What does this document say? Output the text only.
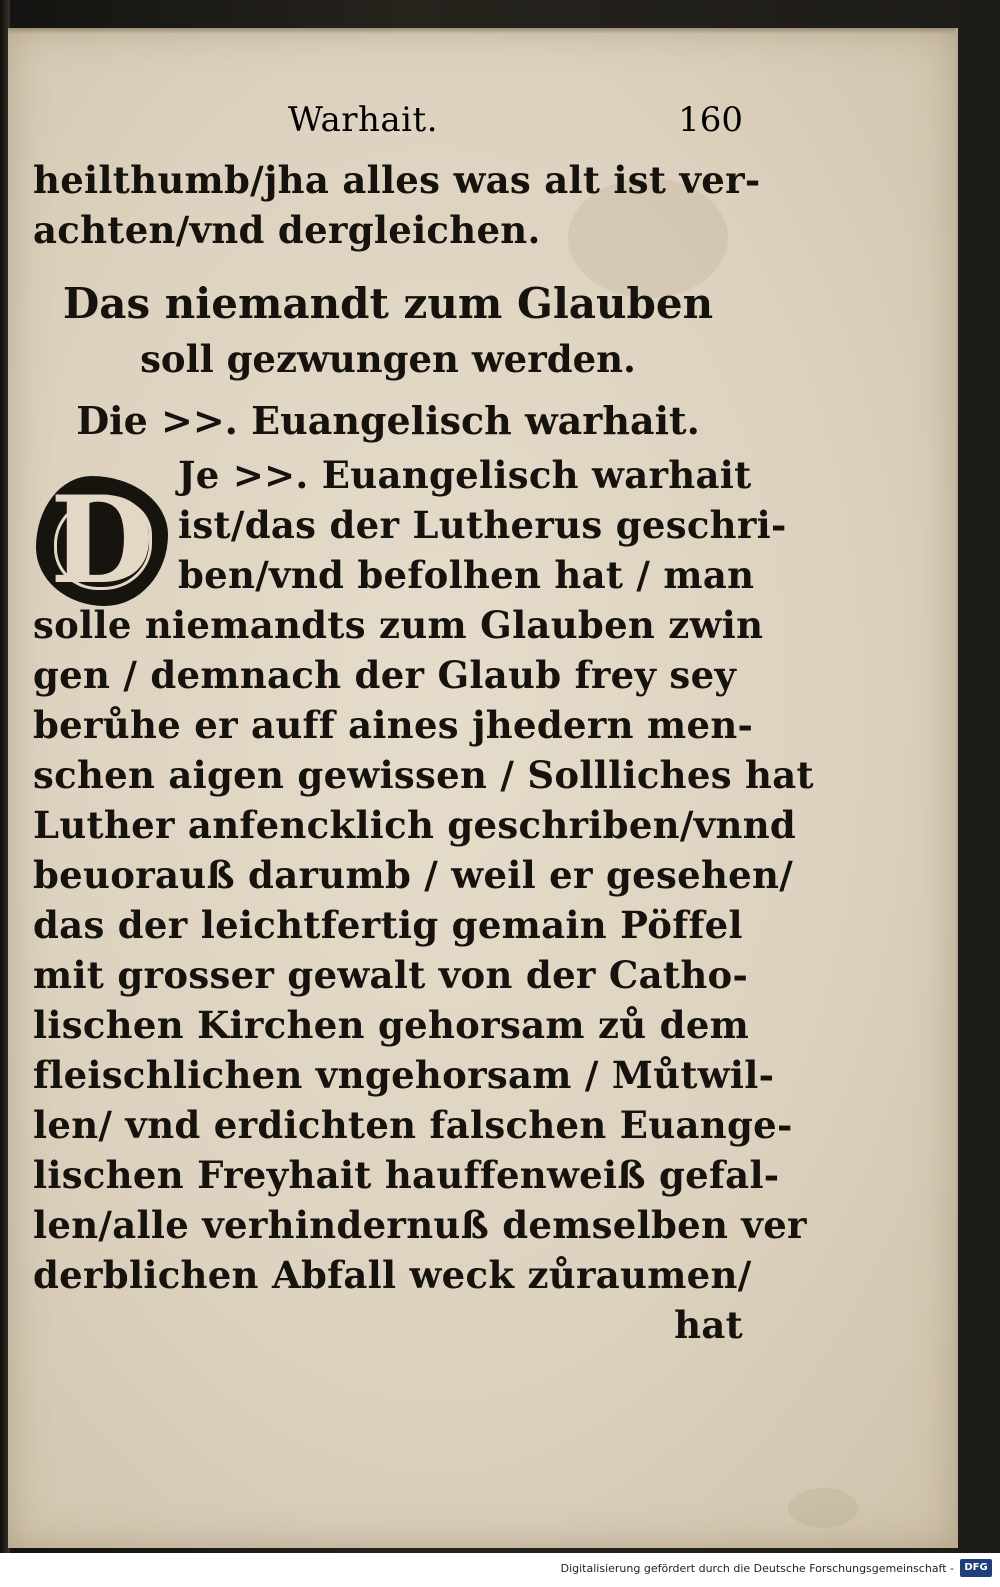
Warhait.	160
heilthumb/jha alles was alt ist ver-
achten/vnd dergleichen.
Das niemandt zum Glauben
soll gezwungen werden.
Die >>. Euangelisch warhait.
D Je >>. Euangelisch warhait
ist/das der Lutherus geschri-
ben/vnd befolhen hat / man
solle niemandts zum Glauben zwin
gen / demnach der Glaub frey sey
berůhe er auff aines jhedern men-
schen aigen gewissen / Sollliches hat
Luther anfencklich geschriben/vnnd
beuorauß darumb / weil er gesehen/
das der leichtfertig gemain Pöffel
mit grosser gewalt von der Catho-
lischen Kirchen gehorsam zů dem
fleischlichen vngehorsam / Můtwil-
len/ vnd erdichten falschen Euange-
lischen Freyhait hauffenweiß gefal-
len/alle verhindernuß demselben ver
derblichen Abfall weck zůraumen/
hat
Digitalisierung gefördert durch die Deutsche Forschungsgemeinschaft -	DFG
